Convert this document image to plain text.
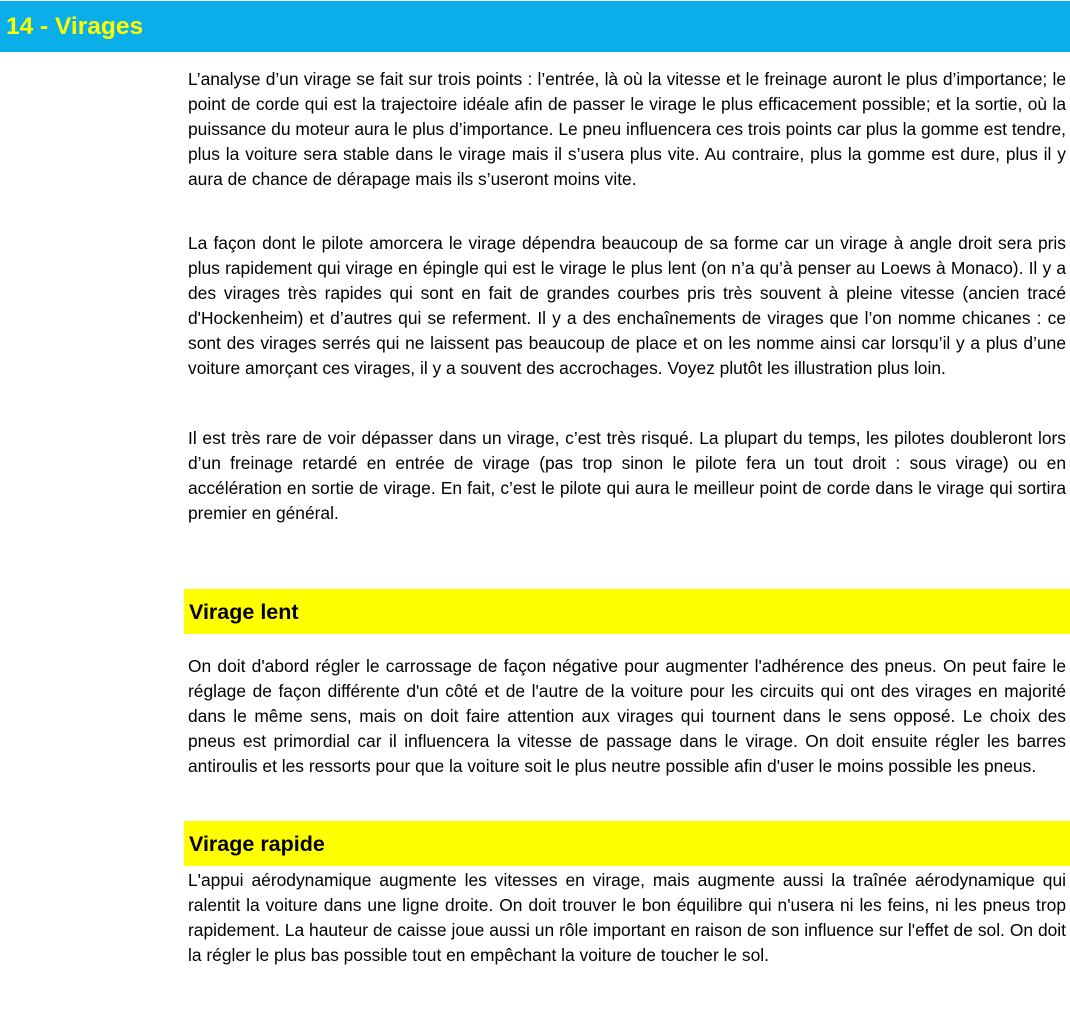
14 - Virages

L’analyse d’un virage se fait sur trois points : l’entrée, là où la vitesse et le freinage auront le plus d’importance; le point de corde qui est la trajectoire idéale afin de passer le virage le plus efficacement possible; et la sortie, où la puissance du moteur aura le plus d’importance. Le pneu influencera ces trois points car plus la gomme est tendre, plus la voiture sera stable dans le virage mais il s’usera plus vite. Au contraire, plus la gomme est dure, plus il y aura de chance de dérapage mais ils s’useront moins vite.

La façon dont le pilote amorcera le virage dépendra beaucoup de sa forme car un virage à angle droit sera pris plus rapidement qui virage en épingle qui est le virage le plus lent (on n’a qu’à penser au Loews à Monaco). Il y a des virages très rapides qui sont en fait de grandes courbes pris très souvent à pleine vitesse (ancien tracé d'Hockenheim) et d’autres qui se referment. Il y a des enchaînements de virages que l’on nomme chicanes : ce sont des virages serrés qui ne laissent pas beaucoup de place et on les nomme ainsi car lorsqu’il y a plus d’une voiture amorçant ces virages, il y a souvent des accrochages. Voyez plutôt les illustration plus loin.

Il est très rare de voir dépasser dans un virage, c’est très risqué. La plupart du temps, les pilotes doubleront lors d’un freinage retardé en entrée de virage (pas trop sinon le pilote fera un tout droit : sous virage) ou en accélération en sortie de virage. En fait, c’est le pilote qui aura le meilleur point de corde dans le virage qui sortira premier en général.

Virage lent

On doit d'abord régler le carrossage de façon négative pour augmenter l'adhérence des pneus. On peut faire le réglage de façon différente d'un côté et de l'autre de la voiture pour les circuits qui ont des virages en majorité dans le même sens, mais on doit faire attention aux virages qui tournent dans le sens opposé. Le choix des pneus est primordial car il influencera la vitesse de passage dans le virage. On doit ensuite régler les barres antiroulis et les ressorts pour que la voiture soit le plus neutre possible afin d'user le moins possible les pneus.

Virage rapide

L'appui aérodynamique augmente les vitesses en virage, mais augmente aussi la traînée aérodynamique qui ralentit la voiture dans une ligne droite. On doit trouver le bon équilibre qui n'usera ni les feins, ni les pneus trop rapidement. La hauteur de caisse joue aussi un rôle important en raison de son influence sur l'effet de sol. On doit la régler le plus bas possible tout en empêchant la voiture de toucher le sol.
